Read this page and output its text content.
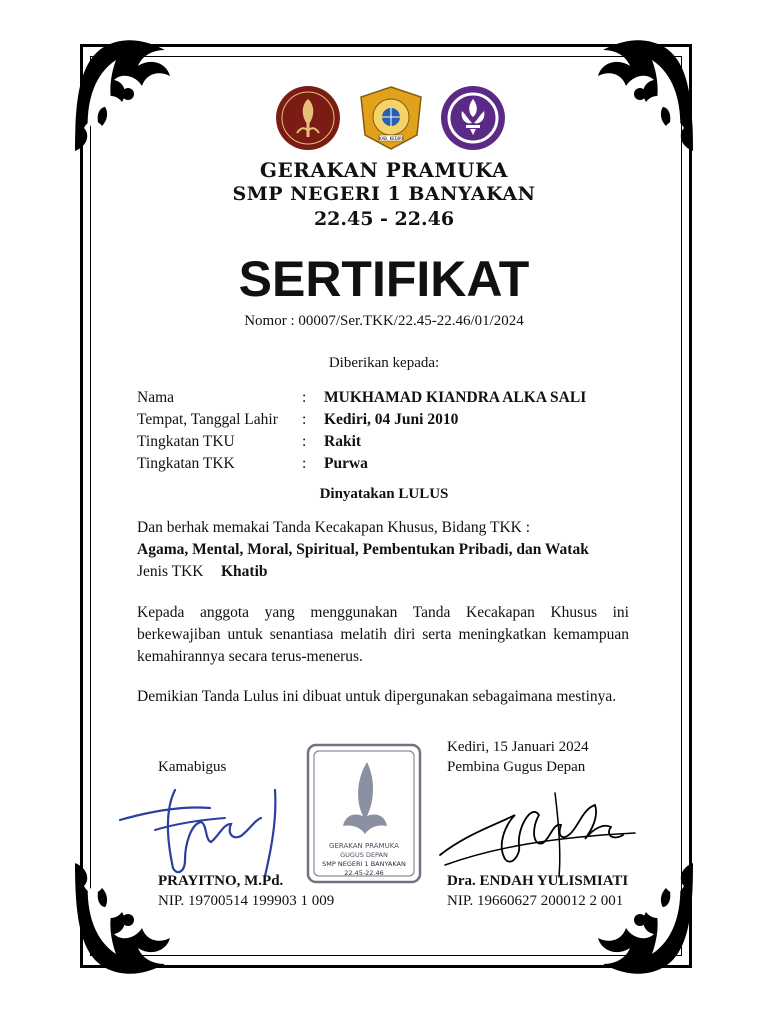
KAB. KEDIRI
GERAKAN PRAMUKA
SMP NEGERI 1 BANYAKAN
22.45 - 22.46
SERTIFIKAT
Nomor : 00007/Ser.TKK/22.45-22.46/01/2024
Diberikan kepada:
Nama	: MUKHAMAD KIANDRA ALKA SALI
Tempat, Tanggal Lahir : Kediri, 04 Juni 2010
Tingkatan TKU	: Rakit
Tingkatan TKK	: Purwa
Dinyatakan LULUS
Dan berhak memakai Tanda Kecakapan Khusus, Bidang TKK :
Agama, Mental, Moral, Spiritual, Pembentukan Pribadi, dan Watak
Jenis TKK Khatib
Kepada anggota yang menggunakan Tanda Kecakapan Khusus ini berkewajiban untuk senantiasa melatih diri serta meningkatkan kemampuan kemahirannya secara terus-menerus.
Demikian Tanda Lulus ini dibuat untuk dipergunakan sebagaimana mestinya.
Kamabigus
Kediri, 15 Januari 2024
Pembina Gugus Depan
GERAKAN PRAMUKA
GUGUS DEPAN
SMP NEGERI 1 BANYAKAN
22.45-22.46
PRAYITNO, M.Pd.
NIP. 19700514 199903 1 009
Dra. ENDAH YULISMIATI
NIP. 19660627 200012 2 001
